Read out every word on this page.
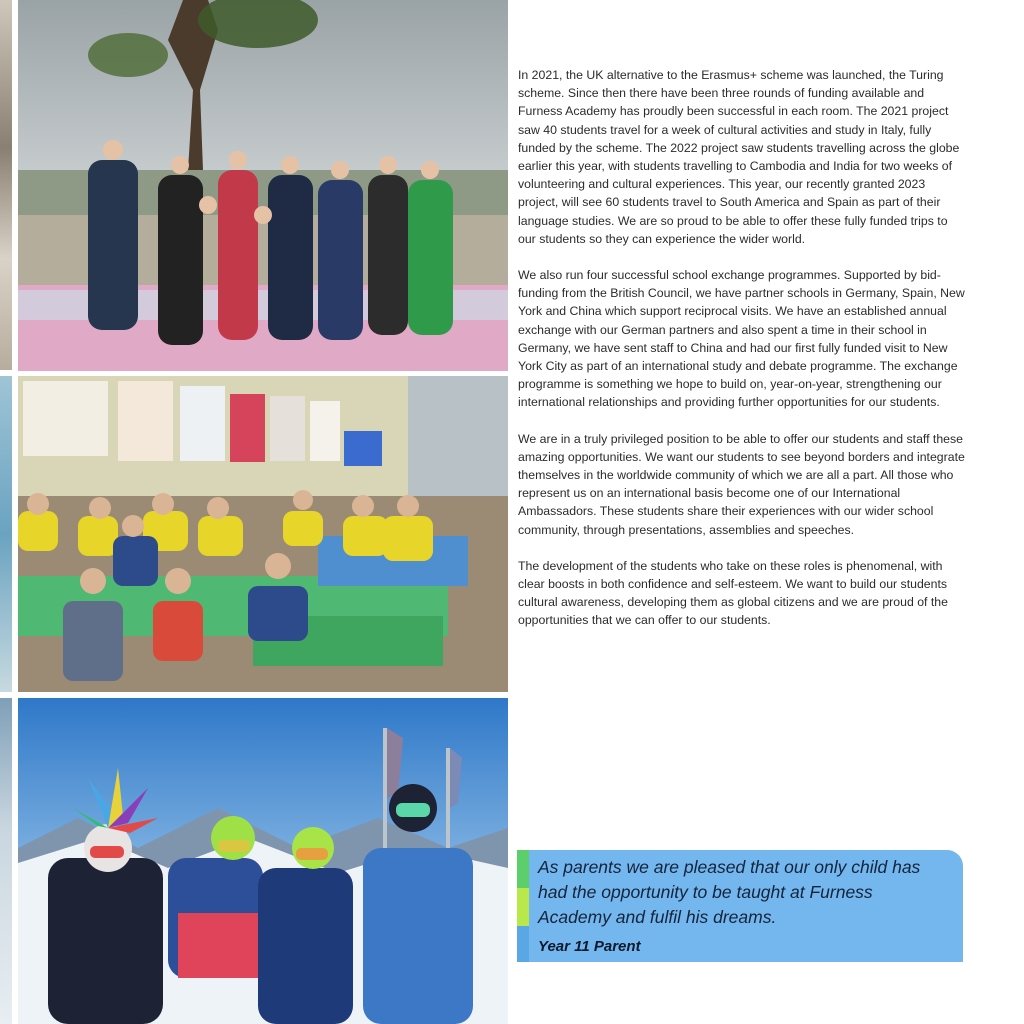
In 2021, the UK alternative to the Erasmus+ scheme was launched, the Turing scheme. Since then there have been three rounds of funding available and Furness Academy has proudly been successful in each room. The 2021 project saw 40 students travel for a week of cultural activities and study in Italy, fully funded by the scheme. The 2022 project saw students travelling across the globe earlier this year, with students travelling to Cambodia and India for two weeks of volunteering and cultural experiences. This year, our recently granted 2023 project, will see 60 students travel to South America and Spain as part of their language studies. We are so proud to be able to offer these fully funded trips to our students so they can experience the wider world.

We also run four successful school exchange programmes. Supported by bid-funding from the British Council, we have partner schools in Germany, Spain, New York and China which support reciprocal visits. We have an established annual exchange with our German partners and also spent a time in their school in Germany, we have sent staff to China and had our first fully funded visit to New York City as part of an international study and debate programme. The exchange programme is something we hope to build on, year-on-year, strengthening our international relationships and providing further opportunities for our students.

We are in a truly privileged position to be able to offer our students and staff these amazing opportunities. We want our students to see beyond borders and integrate themselves in the worldwide community of which we are all a part. All those who represent us on an international basis become one of our International Ambassadors. These students share their experiences with our wider school community, through presentations, assemblies and speeches.

The development of the students who take on these roles is phenomenal, with clear boosts in both confidence and self-esteem. We want to build our students cultural awareness, developing them as global citizens and we are proud of the opportunities that we can offer to our students.

As parents we are pleased that our only child has had the opportunity to be taught at Furness Academy and fulfil his dreams.
Year 11 Parent
